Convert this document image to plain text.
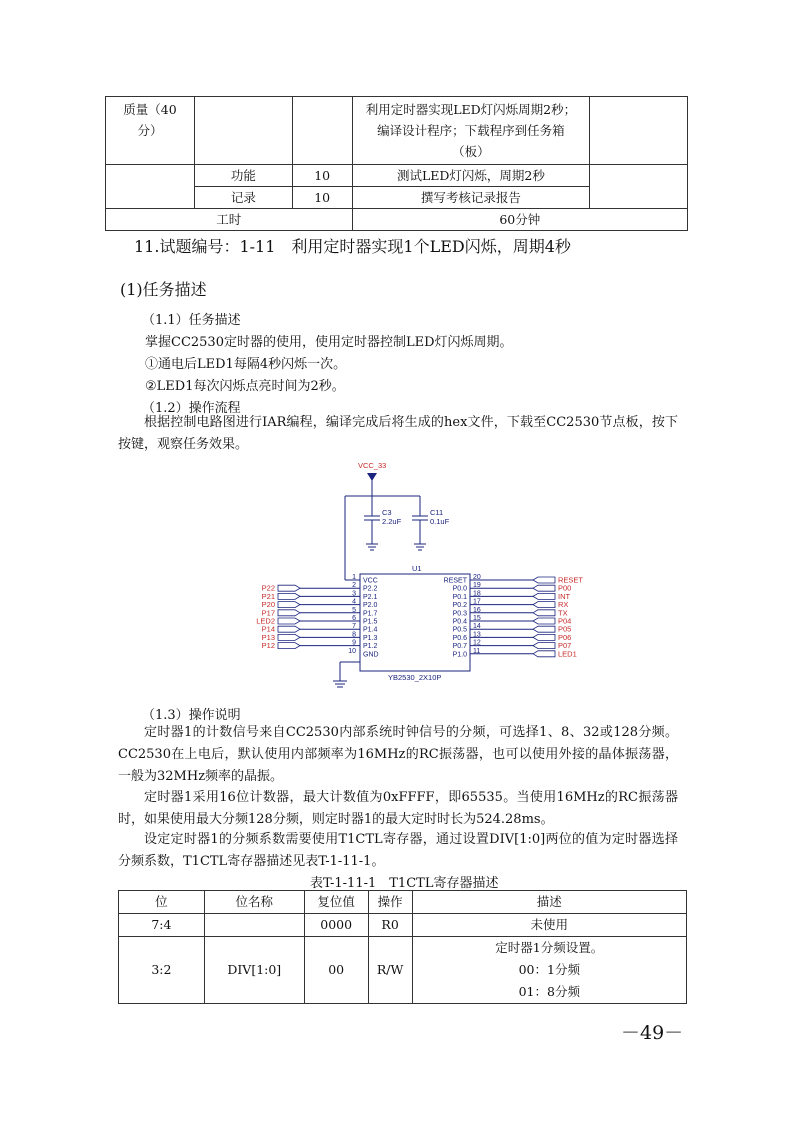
质量（40分）			利用定时器实现LED灯闪烁周期2秒；编译设计程序；下载程序到任务箱（板）	
	功能	10	测试LED灯闪烁，周期2秒	
	记录	10	撰写考核记录报告	
工时			60分钟	
11.试题编号：1-11　利用定时器实现1个LED闪烁，周期4秒
(1)任务描述
（1.1）任务描述
掌握CC2530定时器的使用，使用定时器控制LED灯闪烁周期。
①通电后LED1每隔4秒闪烁一次。
②LED1每次闪烁点亮时间为2秒。
（1.2）操作流程
根据控制电路图进行IAR编程，编译完成后将生成的hex文件，下载至CC2530节点板，按下按键，观察任务效果。
VCC_33
C3
2.2uF
C11
0.1uF
U1
YB2530_2X10P
1 VCC	20
RESET	RESET
2 P2.2	19
P0.0	P00
3 P2.1	18
P0.1	INT
4 P2.0	17
P0.2	RX
5 P1.7	16
P0.3	TX
6 P1.5	15
P0.4	P04
7 P1.4	14
P0.5	P05
8 P1.3	13
P0.6	P06
9 P1.2	12
P0.7	P07
10 GND	11
P1.0	LED1
P22
P21
P20
P17
LED2
P14
P13
P12
（1.3）操作说明
定时器1的计数信号来自CC2530内部系统时钟信号的分频，可选择1、8、32或128分频。CC2530在上电后，默认使用内部频率为16MHz的RC振荡器，也可以使用外接的晶体振荡器，一般为32MHz频率的晶振。
定时器1采用16位计数器，最大计数值为0xFFFF，即65535。当使用16MHz的RC振荡器时，如果使用最大分频128分频，则定时器1的最大定时时长为524.28ms。
设定定时器1的分频系数需要使用T1CTL寄存器，通过设置DIV[1:0]两位的值为定时器选择分频系数，T1CTL寄存器描述见表T-1-11-1。
表T-1-11-1　T1CTL寄存器描述
位	位名称	复位值	操作	描述
7:4		0000	R0	未使用
3:2	DIV[1:0]	00	R/W	定时器1分频设置。
00：1分频
01：8分频
－49－
